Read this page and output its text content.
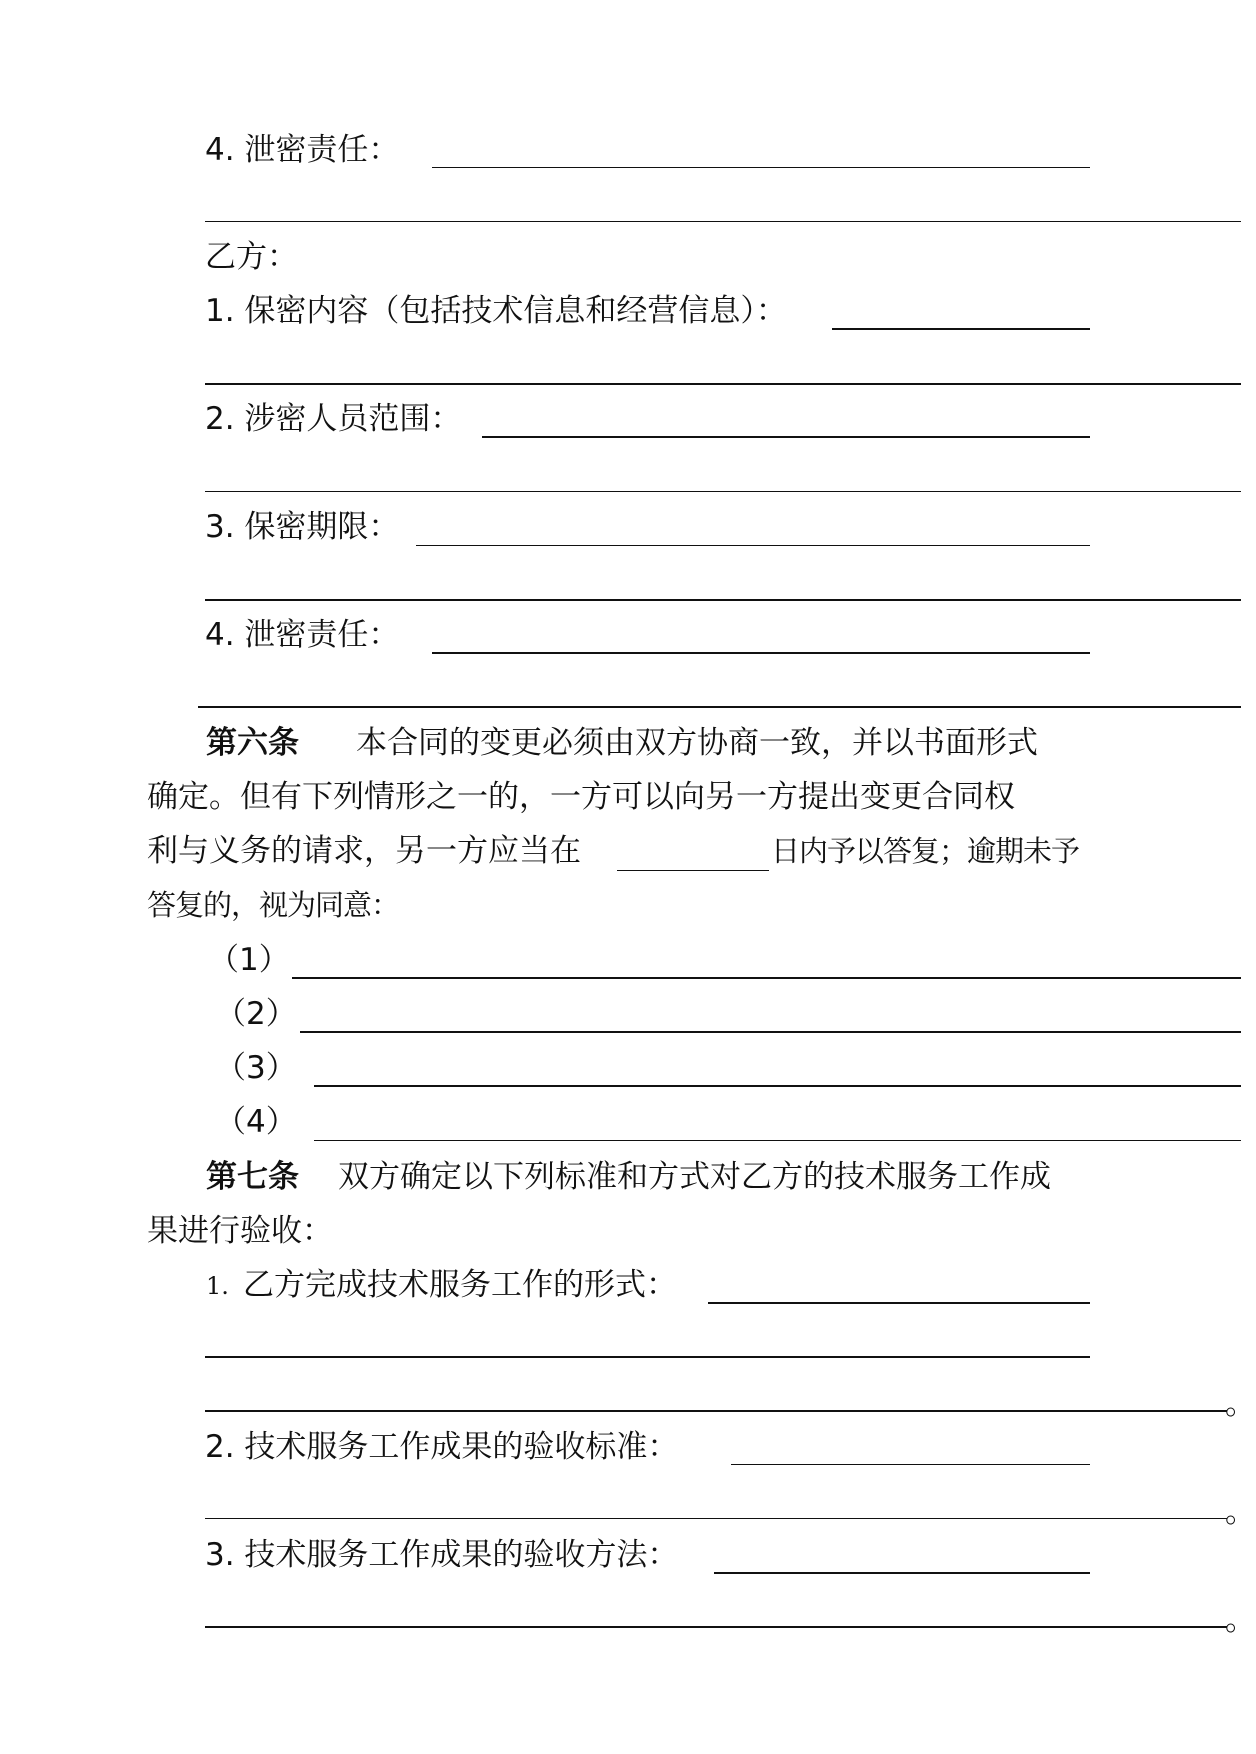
4. 泄密责任：
乙方：
1. 保密内容（包括技术信息和经营信息）：
2. 涉密人员范围：
3. 保密期限：
4. 泄密责任：
第六条 本合同的变更必须由双方协商一致，并以书面形式
确定。但有下列情形之一的，一方可以向另一方提出变更合同权
利与义务的请求，另一方应当在	日内予以答复；逾期未予
答复的，视为同意：
（1）
（2）
（3）
（4）
第七条 双方确定以下列标准和方式对乙方的技术服务工作成
果进行验收：
1. 乙方完成技术服务工作的形式：
。
2. 技术服务工作成果的验收标准：
。
3. 技术服务工作成果的验收方法：
。
